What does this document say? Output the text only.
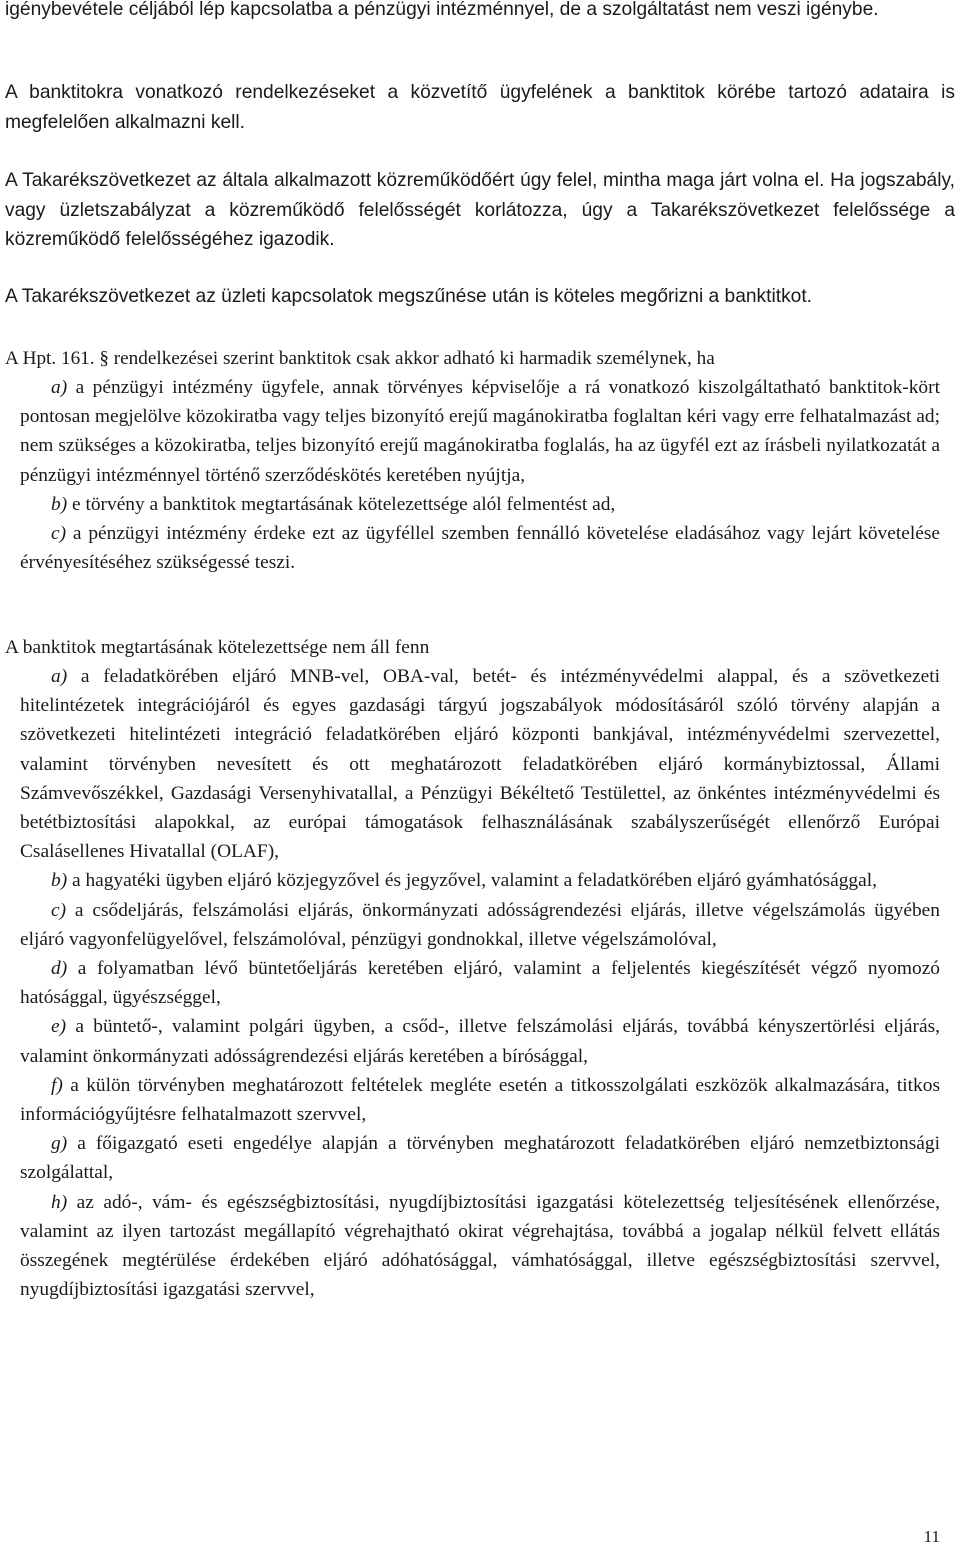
igénybevétele céljából lép kapcsolatba a pénzügyi intézménnyel, de a szolgáltatást nem veszi igénybe.

A banktitokra vonatkozó rendelkezéseket a közvetítő ügyfelének a banktitok körébe tartozó adataira is megfelelően alkalmazni kell.

A Takarékszövetkezet az általa alkalmazott közreműködőért úgy felel, mintha maga járt volna el. Ha jogszabály, vagy üzletszabályzat a közreműködő felelősségét korlátozza, úgy a Takarékszövetkezet felelőssége a közreműködő felelősségéhez igazodik.

A Takarékszövetkezet az üzleti kapcsolatok megszűnése után is köteles megőrizni a banktitkot.

A Hpt. 161. § rendelkezései szerint banktitok csak akkor adható ki harmadik személynek, ha

a) a pénzügyi intézmény ügyfele, annak törvényes képviselője a rá vonatkozó kiszolgáltatható banktitok-kört pontosan megjelölve közokiratba vagy teljes bizonyító erejű magánokiratba foglaltan kéri vagy erre felhatalmazást ad; nem szükséges a közokiratba, teljes bizonyító erejű magánokiratba foglalás, ha az ügyfél ezt az írásbeli nyilatkozatát a pénzügyi intézménnyel történő szerződéskötés keretében nyújtja,

b) e törvény a banktitok megtartásának kötelezettsége alól felmentést ad,

c) a pénzügyi intézmény érdeke ezt az ügyféllel szemben fennálló követelése eladásához vagy lejárt követelése érvényesítéséhez szükségessé teszi.

A banktitok megtartásának kötelezettsége nem áll fenn

a) a feladatkörében eljáró MNB-vel, OBA-val, betét- és intézményvédelmi alappal, és a szövetkezeti hitelintézetek integrációjáról és egyes gazdasági tárgyú jogszabályok módosításáról szóló törvény alapján a szövetkezeti hitelintézeti integráció feladatkörében eljáró központi bankjával, intézményvédelmi szervezettel, valamint törvényben nevesített és ott meghatározott feladatkörében eljáró kormánybiztossal, Állami Számvevőszékkel, Gazdasági Versenyhivatallal, a Pénzügyi Békéltető Testülettel, az önkéntes intézményvédelmi és betétbiztosítási alapokkal, az európai támogatások felhasználásának szabályszerűségét ellenőrző Európai Csalásellenes Hivatallal (OLAF),

b) a hagyatéki ügyben eljáró közjegyzővel és jegyzővel, valamint a feladatkörében eljáró gyámhatósággal,

c) a csődeljárás, felszámolási eljárás, önkormányzati adósságrendezési eljárás, illetve végelszámolás ügyében eljáró vagyonfelügyelővel, felszámolóval, pénzügyi gondnokkal, illetve végelszámolóval,

d) a folyamatban lévő büntetőeljárás keretében eljáró, valamint a feljelentés kiegészítését végző nyomozó hatósággal, ügyészséggel,

e) a büntető-, valamint polgári ügyben, a csőd-, illetve felszámolási eljárás, továbbá kényszertörlési eljárás, valamint önkormányzati adósságrendezési eljárás keretében a bírósággal,

f) a külön törvényben meghatározott feltételek megléte esetén a titkosszolgálati eszközök alkalmazására, titkos információgyűjtésre felhatalmazott szervvel,

g) a főigazgató eseti engedélye alapján a törvényben meghatározott feladatkörében eljáró nemzetbiztonsági szolgálattal,

h) az adó-, vám- és egészségbiztosítási, nyugdíjbiztosítási igazgatási kötelezettség teljesítésének ellenőrzése, valamint az ilyen tartozást megállapító végrehajtható okirat végrehajtása, továbbá a jogalap nélkül felvett ellátás összegének megtérülése érdekében eljáró adóhatósággal, vámhatósággal, illetve egészségbiztosítási szervvel, nyugdíjbiztosítási igazgatási szervvel,

11
